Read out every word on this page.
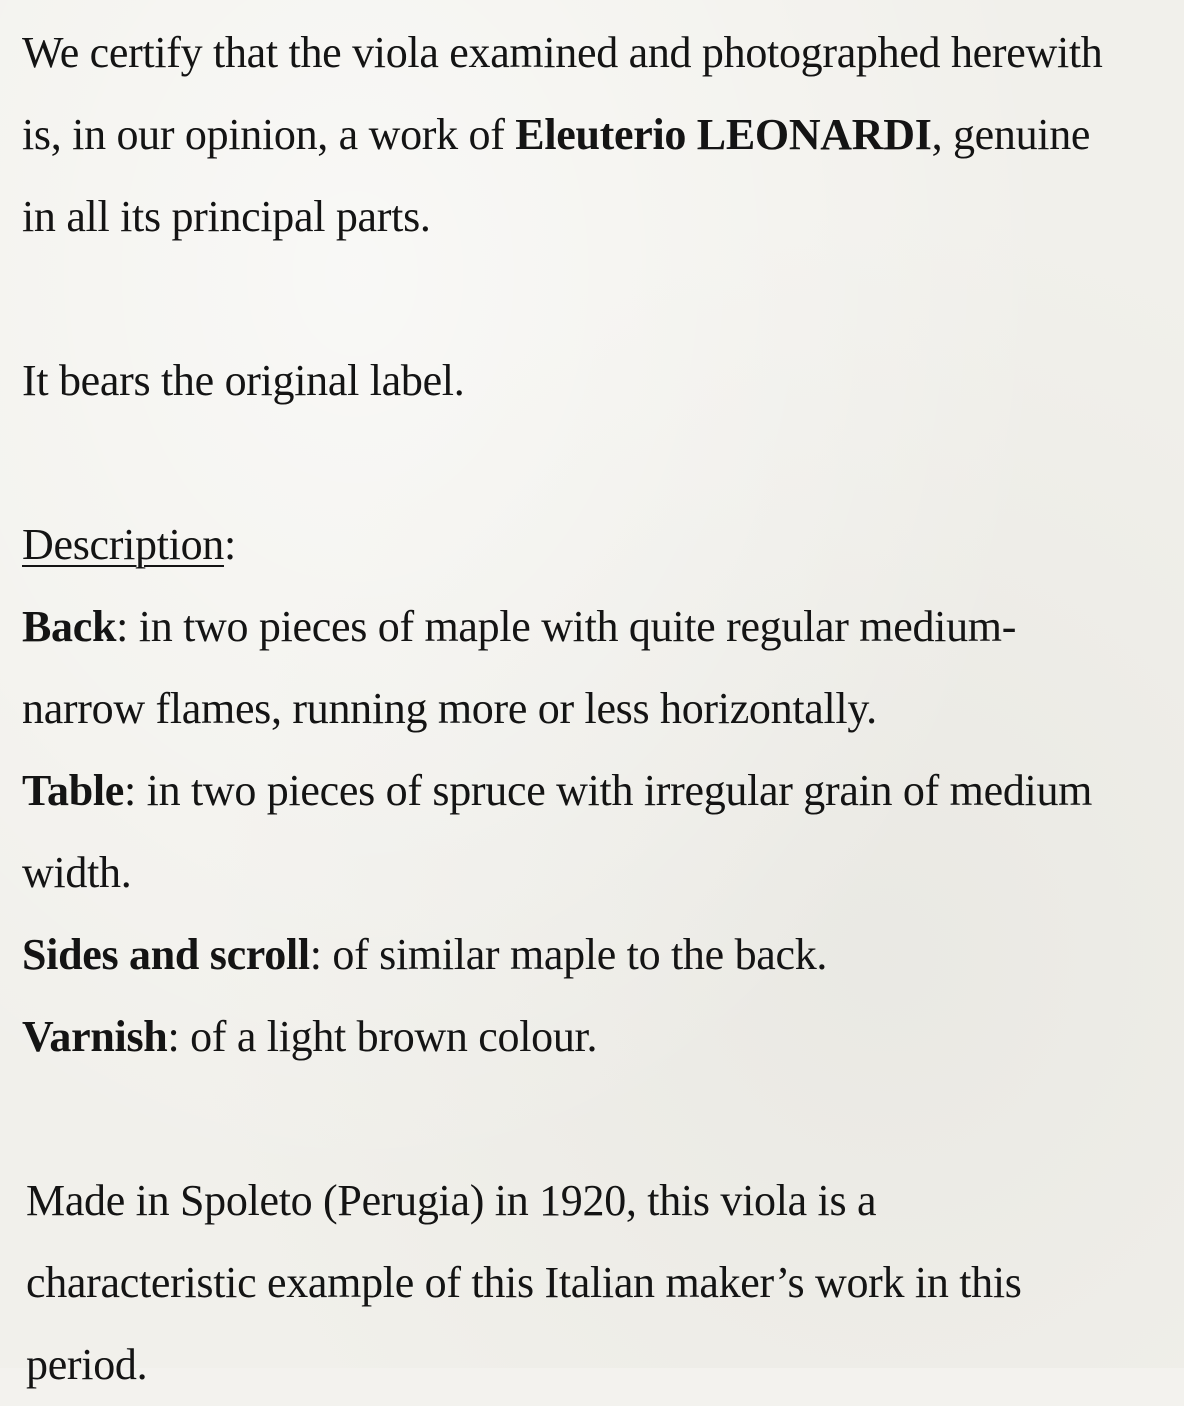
We certify that the viola examined and photographed herewith
is, in our opinion, a work of Eleuterio LEONARDI, genuine
in all its principal parts.
It bears the original label.
Description:
Back: in two pieces of maple with quite regular medium-
narrow flames, running more or less horizontally.
Table: in two pieces of spruce with irregular grain of medium
width.
Sides and scroll: of similar maple to the back.
Varnish: of a light brown colour.
Made in Spoleto (Perugia) in 1920, this viola is a
characteristic example of this Italian maker’s work in this
period.
